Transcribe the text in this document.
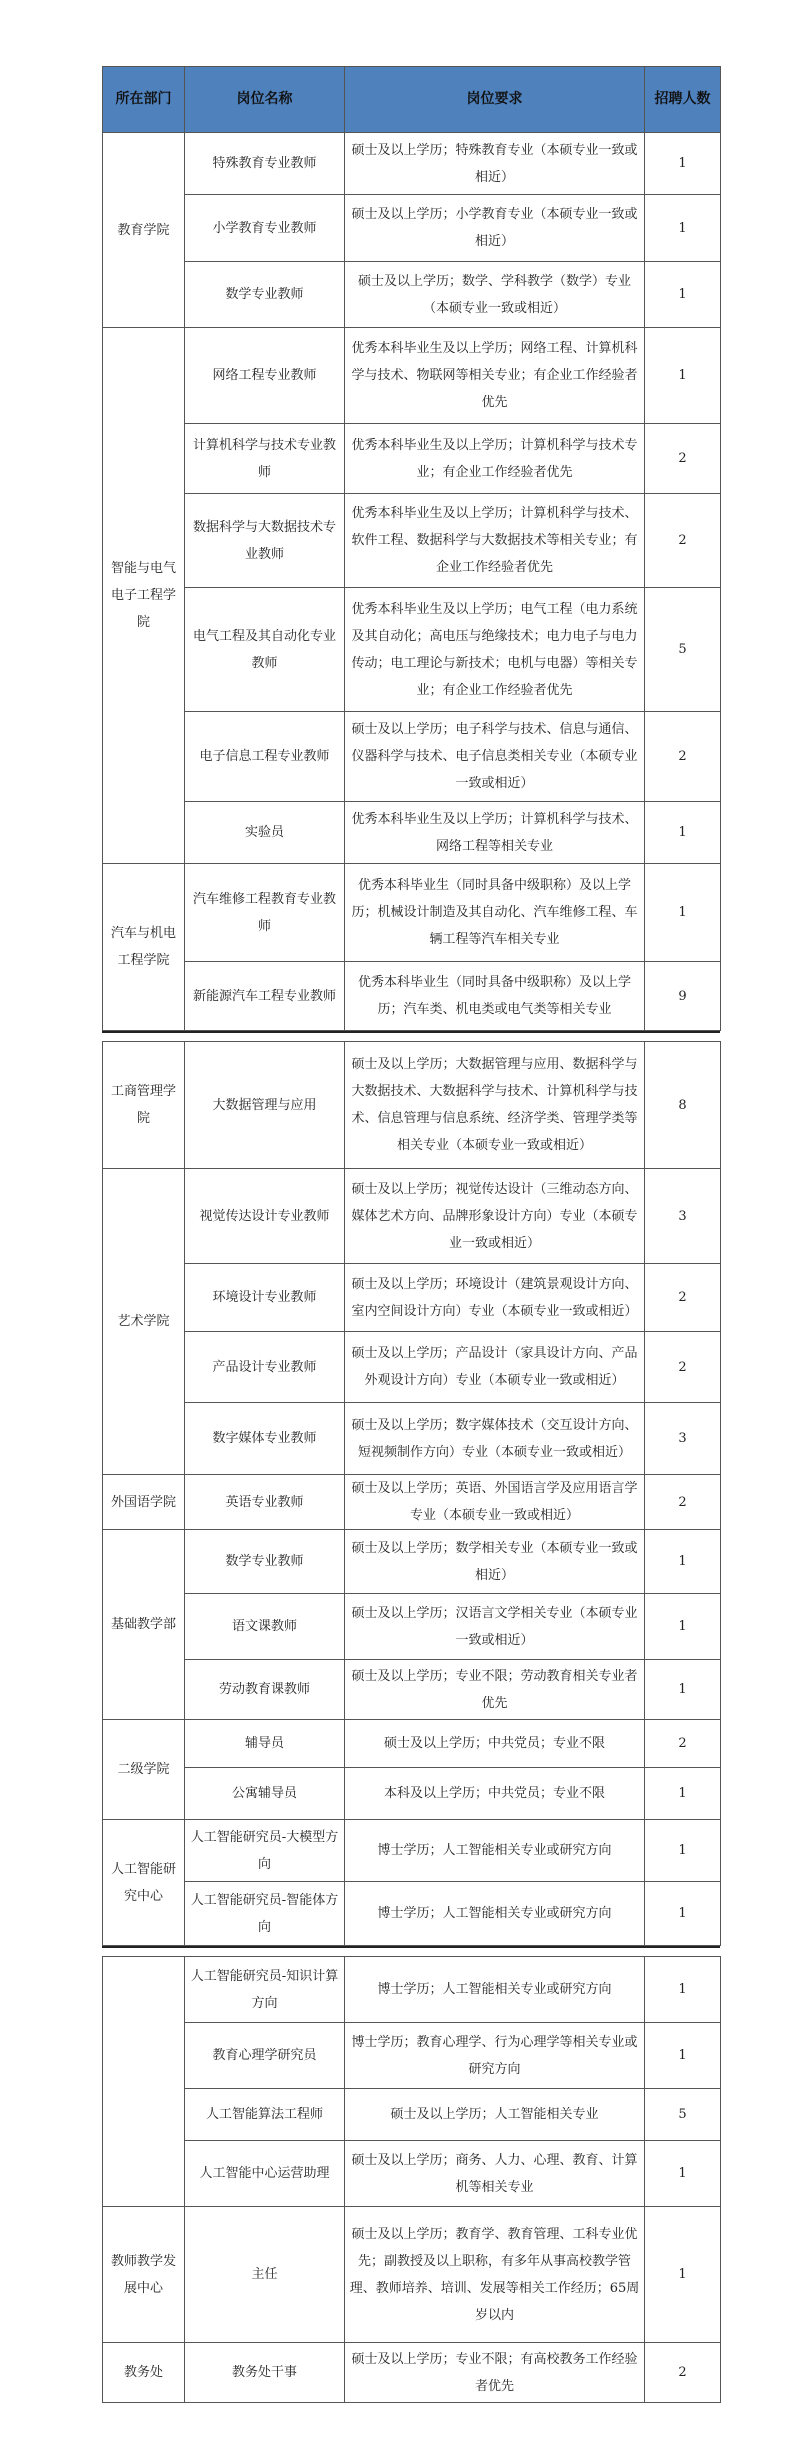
所在部门	岗位名称	岗位要求	招聘人数
教育学院	特殊教育专业教师	硕士及以上学历；特殊教育专业（本硕专业一致或相近）	1
	小学教育专业教师	硕士及以上学历；小学教育专业（本硕专业一致或相近）	1
	数学专业教师	硕士及以上学历；数学、学科教学（数学）专业（本硕专业一致或相近）	1
智能与电气电子工程学院	网络工程专业教师	优秀本科毕业生及以上学历；网络工程、计算机科学与技术、物联网等相关专业；有企业工作经验者优先	1
	计算机科学与技术专业教师	优秀本科毕业生及以上学历；计算机科学与技术专业；有企业工作经验者优先	2
	数据科学与大数据技术专业教师	优秀本科毕业生及以上学历；计算机科学与技术、软件工程、数据科学与大数据技术等相关专业；有企业工作经验者优先	2
	电气工程及其自动化专业教师	优秀本科毕业生及以上学历；电气工程（电力系统及其自动化；高电压与绝缘技术；电力电子与电力传动；电工理论与新技术；电机与电器）等相关专业；有企业工作经验者优先	5
	电子信息工程专业教师	硕士及以上学历；电子科学与技术、信息与通信、仪器科学与技术、电子信息类相关专业（本硕专业一致或相近）	2
	实验员	优秀本科毕业生及以上学历；计算机科学与技术、网络工程等相关专业	1
汽车与机电工程学院	汽车维修工程教育专业教师	优秀本科毕业生（同时具备中级职称）及以上学历；机械设计制造及其自动化、汽车维修工程、车辆工程等汽车相关专业	1
	新能源汽车工程专业教师	优秀本科毕业生（同时具备中级职称）及以上学历；汽车类、机电类或电气类等相关专业	9
工商管理学院	大数据管理与应用	硕士及以上学历；大数据管理与应用、数据科学与大数据技术、大数据科学与技术、计算机科学与技术、信息管理与信息系统、经济学类、管理学类等相关专业（本硕专业一致或相近）	8
艺术学院	视觉传达设计专业教师	硕士及以上学历；视觉传达设计（三维动态方向、媒体艺术方向、品牌形象设计方向）专业（本硕专业一致或相近）	3
	环境设计专业教师	硕士及以上学历；环境设计（建筑景观设计方向、室内空间设计方向）专业（本硕专业一致或相近）	2
	产品设计专业教师	硕士及以上学历；产品设计（家具设计方向、产品外观设计方向）专业（本硕专业一致或相近）	2
	数字媒体专业教师	硕士及以上学历；数字媒体技术（交互设计方向、短视频制作方向）专业（本硕专业一致或相近）	3
外国语学院	英语专业教师	硕士及以上学历；英语、外国语言学及应用语言学专业（本硕专业一致或相近）	2
基础教学部	数学专业教师	硕士及以上学历；数学相关专业（本硕专业一致或相近）	1
	语文课教师	硕士及以上学历；汉语言文学相关专业（本硕专业一致或相近）	1
	劳动教育课教师	硕士及以上学历；专业不限；劳动教育相关专业者优先	1
二级学院	辅导员	硕士及以上学历；中共党员；专业不限	2
	公寓辅导员	本科及以上学历；中共党员；专业不限	1
人工智能研究中心	人工智能研究员-大模型方向	博士学历；人工智能相关专业或研究方向	1
	人工智能研究员-智能体方向	博士学历；人工智能相关专业或研究方向	1
	人工智能研究员-知识计算方向	博士学历；人工智能相关专业或研究方向	1
	教育心理学研究员	博士学历；教育心理学、行为心理学等相关专业或研究方向	1
	人工智能算法工程师	硕士及以上学历；人工智能相关专业	5
	人工智能中心运营助理	硕士及以上学历；商务、人力、心理、教育、计算机等相关专业	1
教师教学发展中心	主任	硕士及以上学历；教育学、教育管理、工科专业优先；副教授及以上职称，有多年从事高校教学管理、教师培养、培训、发展等相关工作经历；65周岁以内	1
教务处	教务处干事	硕士及以上学历；专业不限；有高校教务工作经验者优先	2
